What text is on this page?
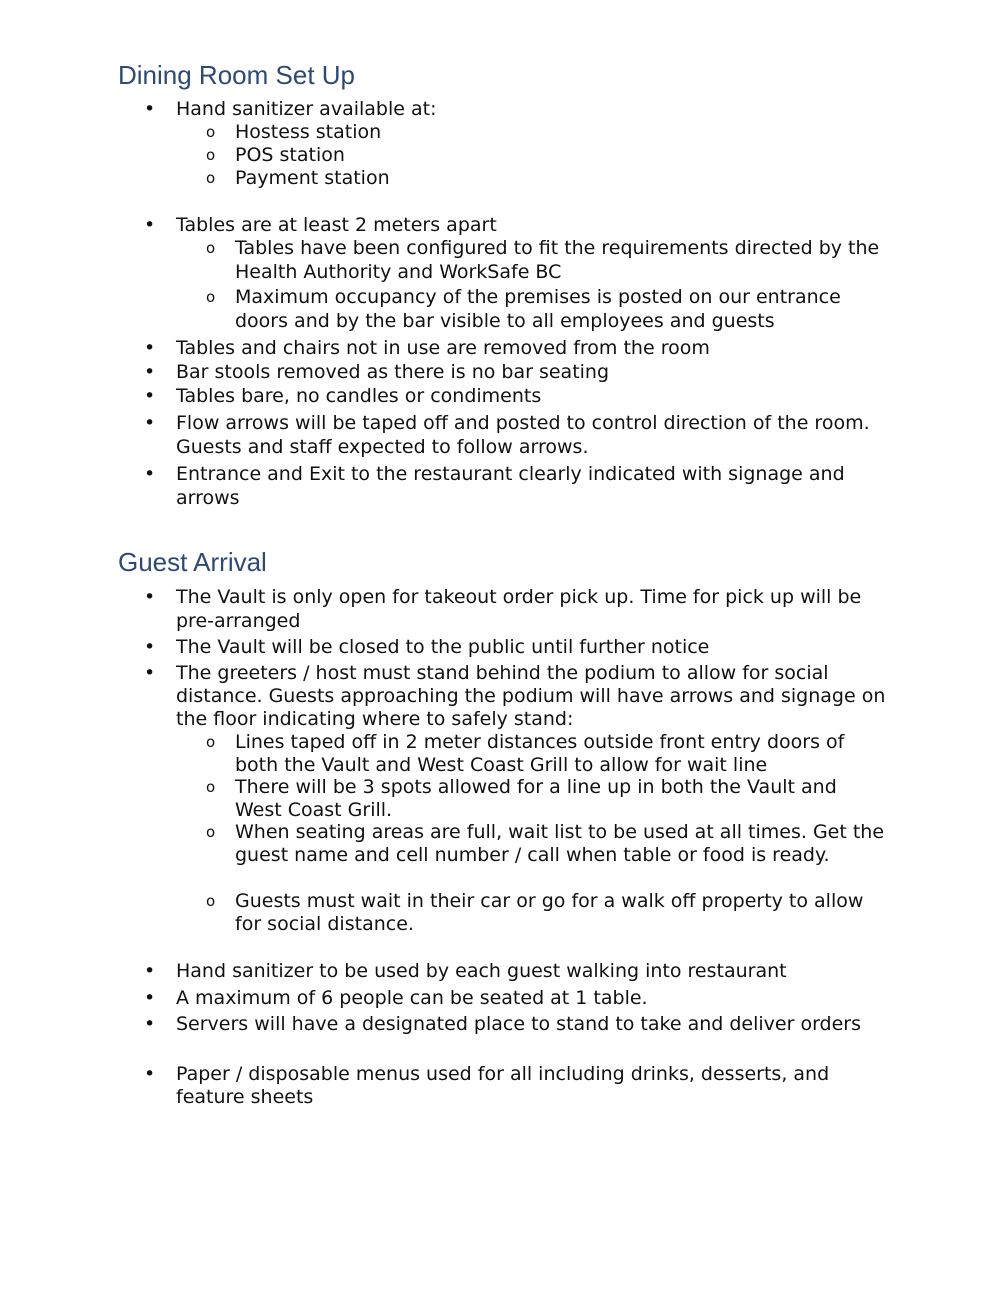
Dining Room Set Up
• Hand sanitizer available at:
o Hostess station
o POS station
o Payment station
• Tables are at least 2 meters apart
o Tables have been configured to fit the requirements directed by the Health Authority and WorkSafe BC
o Maximum occupancy of the premises is posted on our entrance doors and by the bar visible to all employees and guests
• Tables and chairs not in use are removed from the room
• Bar stools removed as there is no bar seating
• Tables bare, no candles or condiments
• Flow arrows will be taped off and posted to control direction of the room. Guests and staff expected to follow arrows.
• Entrance and Exit to the restaurant clearly indicated with signage and arrows
Guest Arrival
• The Vault is only open for takeout order pick up. Time for pick up will be pre-arranged
• The Vault will be closed to the public until further notice
• The greeters / host must stand behind the podium to allow for social distance. Guests approaching the podium will have arrows and signage on the floor indicating where to safely stand:
o Lines taped off in 2 meter distances outside front entry doors of both the Vault and West Coast Grill to allow for wait line
o There will be 3 spots allowed for a line up in both the Vault and West Coast Grill.
o When seating areas are full, wait list to be used at all times. Get the guest name and cell number / call when table or food is ready.
o Guests must wait in their car or go for a walk off property to allow for social distance.
• Hand sanitizer to be used by each guest walking into restaurant
• A maximum of 6 people can be seated at 1 table.
• Servers will have a designated place to stand to take and deliver orders
• Paper / disposable menus used for all including drinks, desserts, and feature sheets
